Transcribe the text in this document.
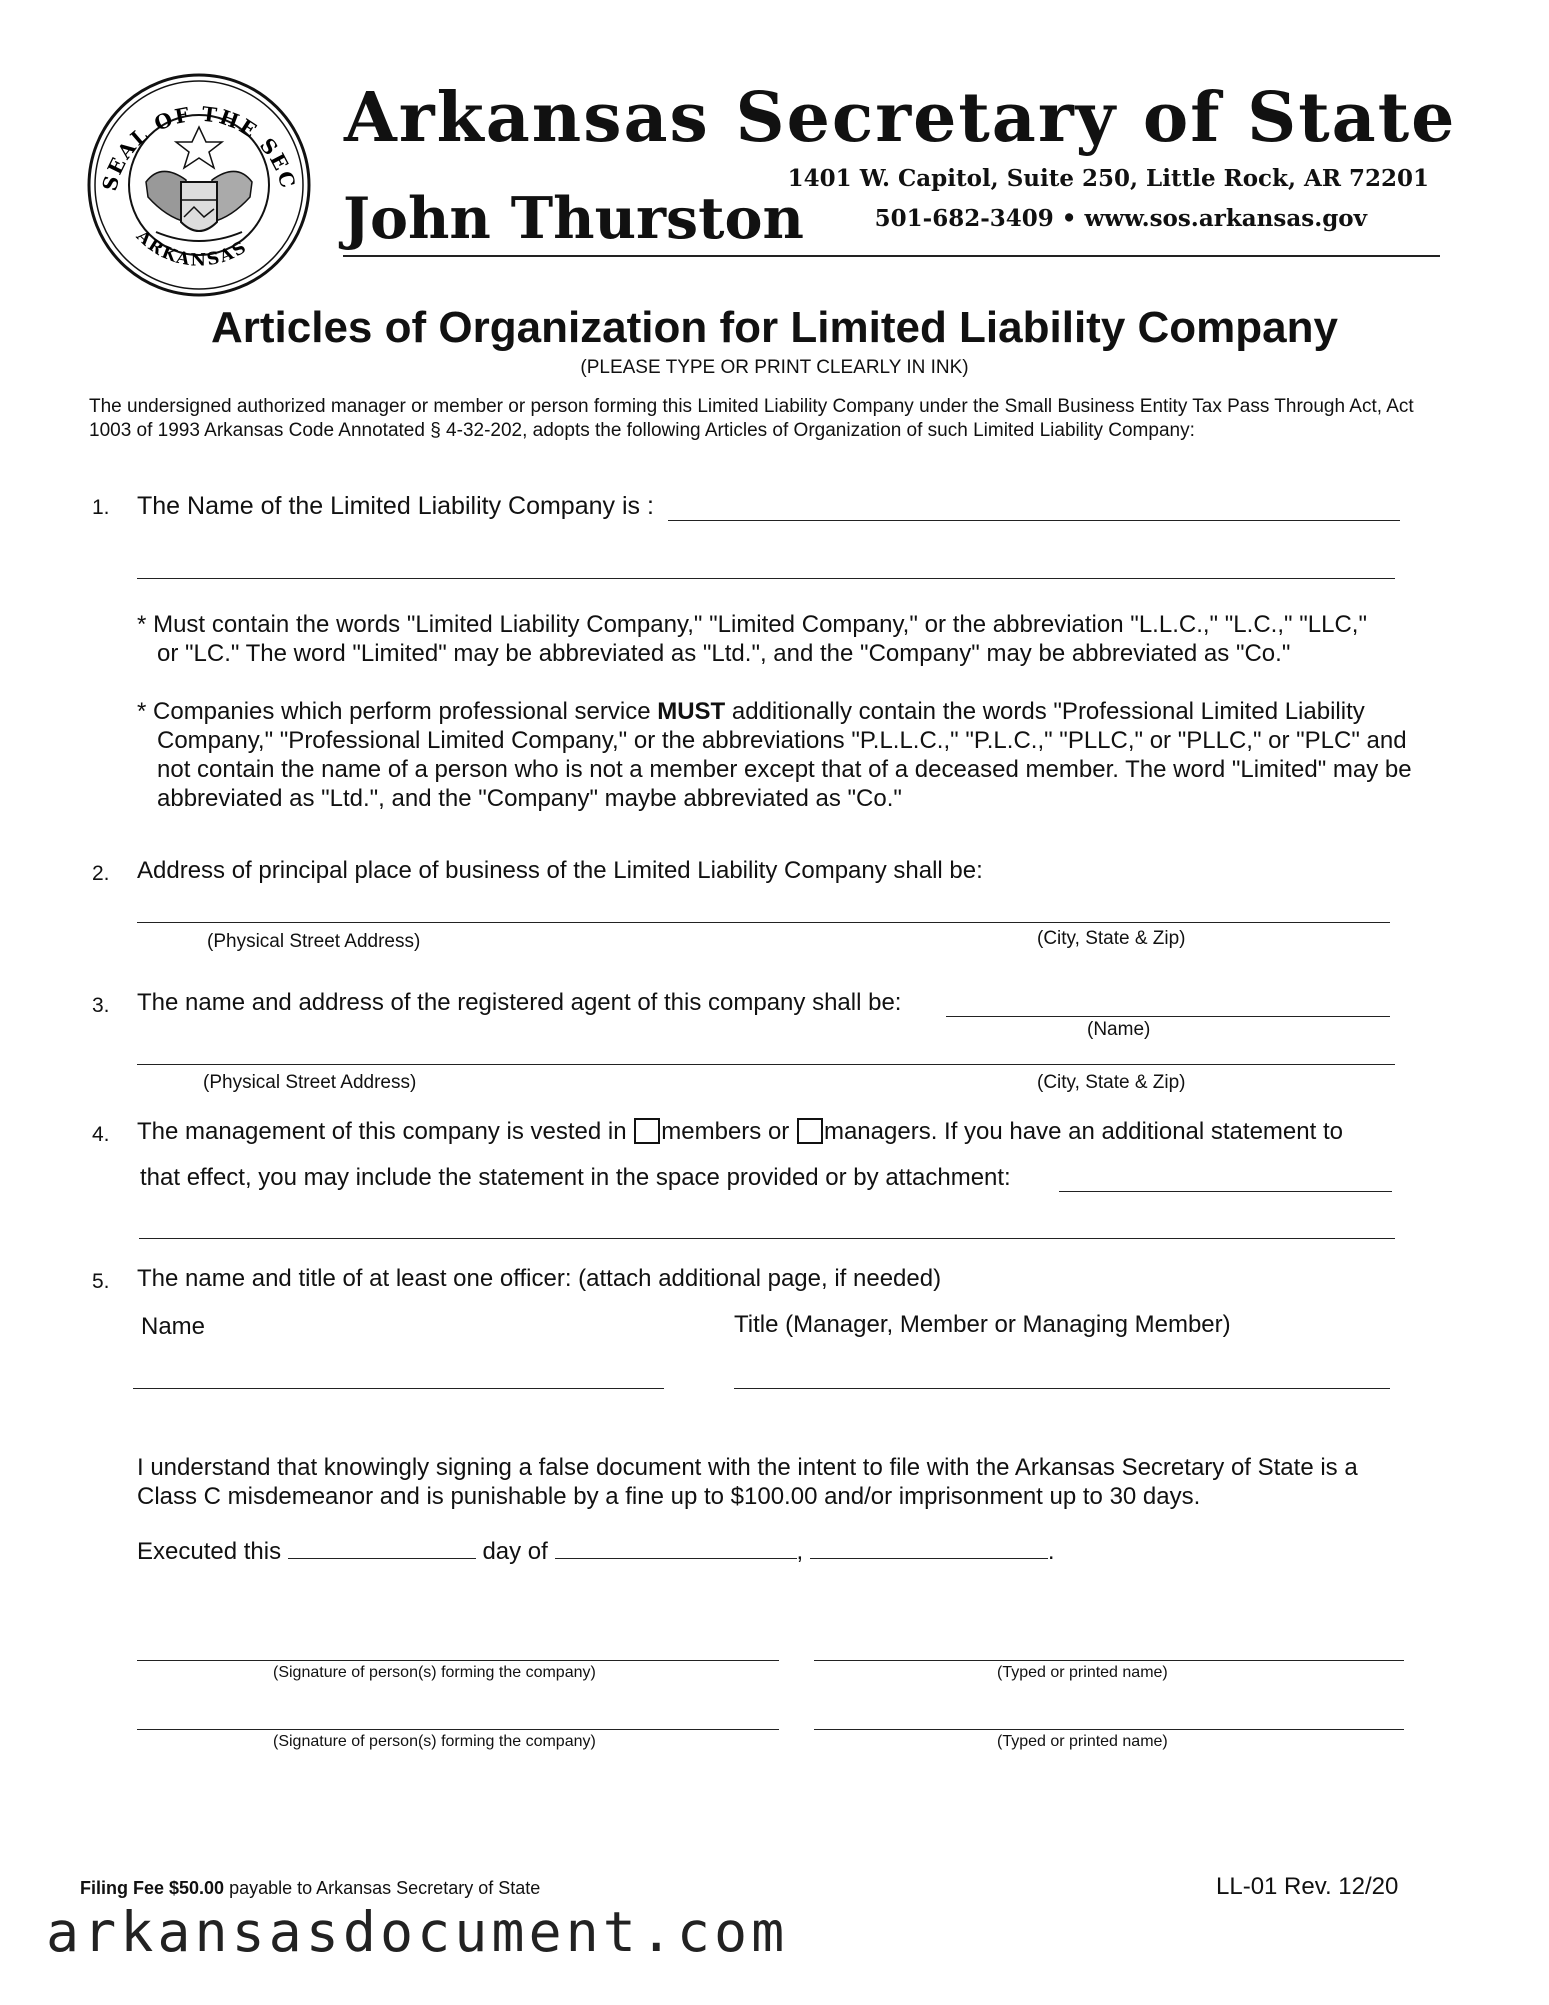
SEAL OF THE SEC
ARKANSAS
Arkansas Secretary of State
John Thurston
1401 W. Capitol, Suite 250, Little Rock, AR 72201
501-682-3409 • www.sos.arkansas.gov
Articles of Organization for Limited Liability Company
(PLEASE TYPE OR PRINT CLEARLY IN INK)
The undersigned authorized manager or member or person forming this Limited Liability Company under the Small Business Entity Tax Pass Through Act, Act 1003 of 1993 Arkansas Code Annotated § 4-32-202, adopts the following Articles of Organization of such Limited Liability Company:
1. The Name of the Limited Liability Company is :
* Must contain the words "Limited Liability Company," "Limited Company," or the abbreviation "L.L.C.," "L.C.," "LLC," or "LC." The word "Limited" may be abbreviated as "Ltd.", and the "Company" may be abbreviated as "Co."
* Companies which perform professional service MUST additionally contain the words "Professional Limited Liability Company," "Professional Limited Company," or the abbreviations "P.L.L.C.," "P.L.C.," "PLLC," or "PLLC," or "PLC" and not contain the name of a person who is not a member except that of a deceased member. The word "Limited" may be abbreviated as "Ltd.", and the "Company" maybe abbreviated as "Co."
2. Address of principal place of business of the Limited Liability Company shall be:
(Physical Street Address)	(City, State & Zip)
3. The name and address of the registered agent of this company shall be:
(Name)
(Physical Street Address)	(City, State & Zip)
4. The management of this company is vested in members or managers. If you have an additional statement to
that effect, you may include the statement in the space provided or by attachment:
5. The name and title of at least one officer: (attach additional page, if needed)
Name	Title (Manager, Member or Managing Member)
I understand that knowingly signing a false document with the intent to file with the Arkansas Secretary of State is a Class C misdemeanor and is punishable by a fine up to $100.00 and/or imprisonment up to 30 days.
Executed this	day of	,	.
(Signature of person(s) forming the company)	(Typed or printed name)
(Signature of person(s) forming the company)	(Typed or printed name)
Filing Fee $50.00 payable to Arkansas Secretary of State	LL-01 Rev. 12/20
arkansasdocument.com
